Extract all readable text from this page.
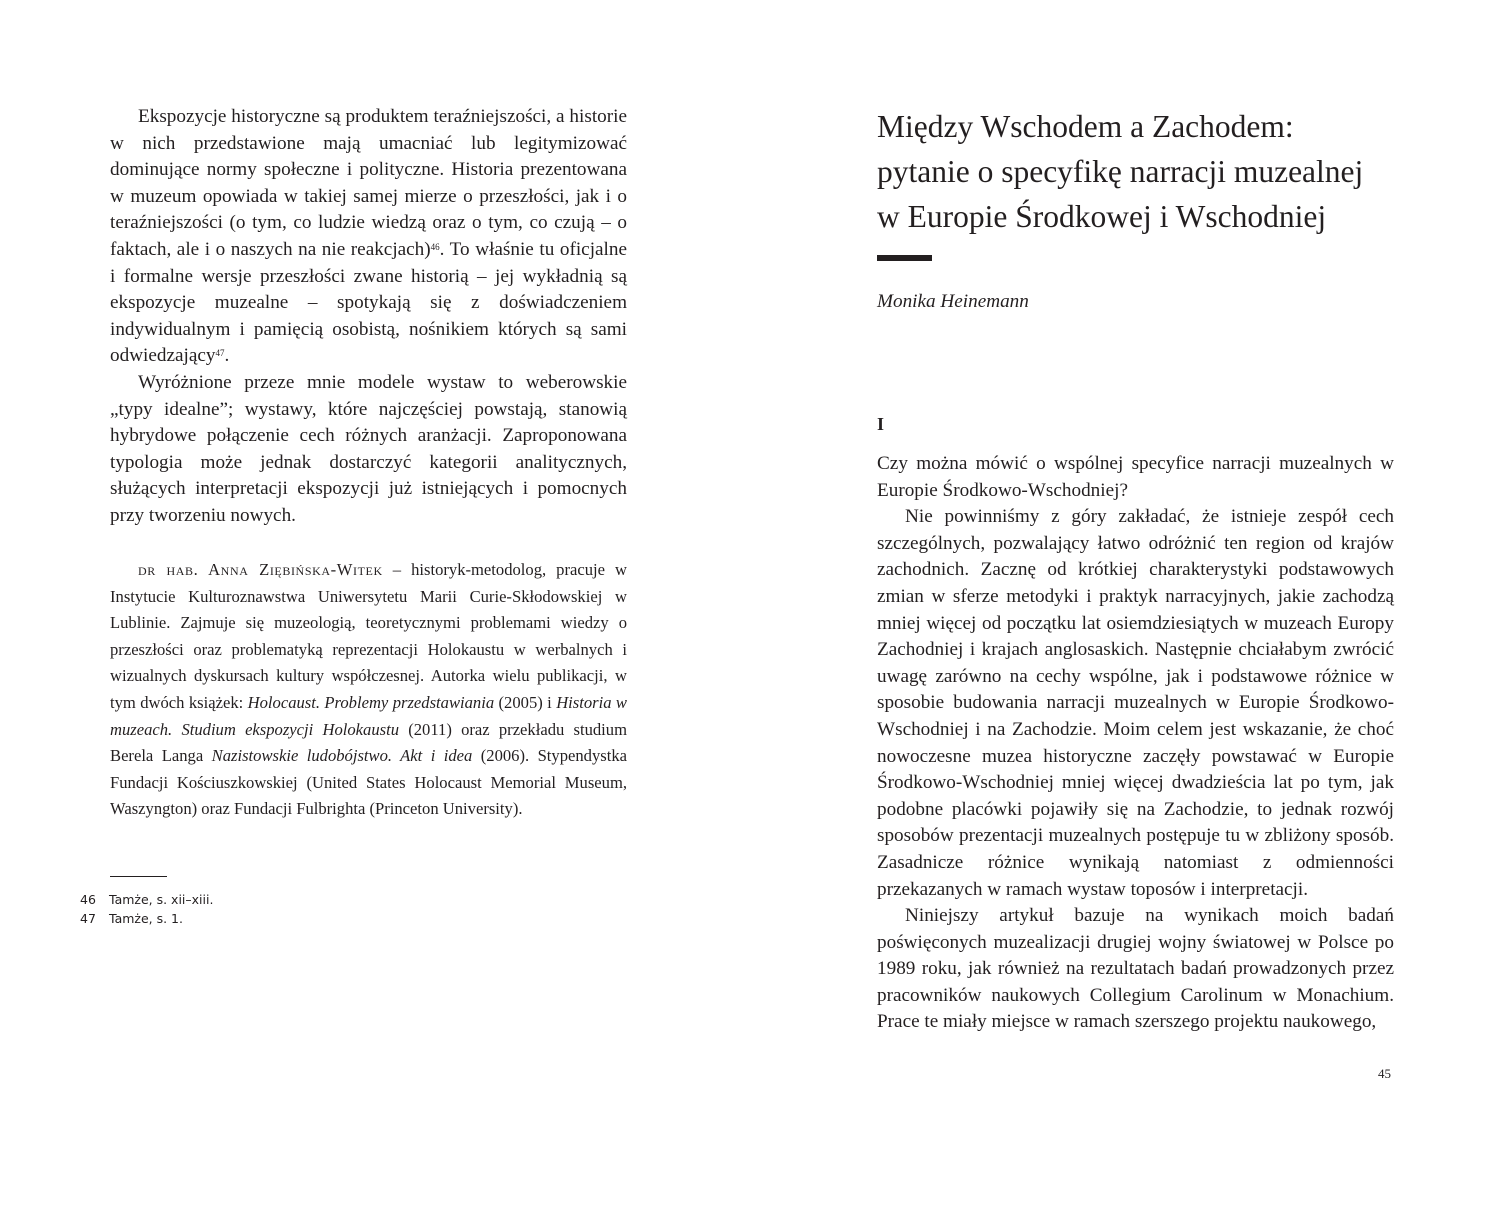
Ekspozycje historyczne są produktem teraźniejszości, a historie w nich przedstawione mają umacniać lub legitymizować dominujące normy społeczne i polityczne. Historia prezentowana w muzeum opowiada w takiej samej mierze o przeszłości, jak i o teraźniejszości (o tym, co ludzie wiedzą oraz o tym, co czują – o faktach, ale i o naszych na nie reakcjach)$^{46}$. To właśnie tu oficjalne i formalne wersje przeszłości zwane historią – jej wykładnią są ekspozycje muzealne – spotykają się z doświadczeniem indywidualnym i pamięcią osobistą, nośnikiem których są sami odwiedzający$^{47}$.

Wyróżnione przeze mnie modele wystaw to weberowskie „typy idealne”; wystawy, które najczęściej powstają, stanowią hybrydowe połączenie cech różnych aranżacji. Zaproponowana typologia może jednak dostarczyć kategorii analitycznych, służących interpretacji ekspozycji już istniejących i pomocnych przy tworzeniu nowych.

dr hab. Anna Ziębińska-Witek – historyk-metodolog, pracuje w Instytucie Kulturoznawstwa Uniwersytetu Marii Curie-Skłodowskiej w Lublinie. Zajmuje się muzeologią, teoretycznymi problemami wiedzy o przeszłości oraz problematyką reprezentacji Holokaustu w werbalnych i wizualnych dyskursach kultury współczesnej. Autorka wielu publikacji, w tym dwóch książek: Holocaust. Problemy przedstawiania (2005) i Historia w muzeach. Studium ekspozycji Holokaustu (2011) oraz przekładu studium Berela Langa Nazistowskie ludobójstwo. Akt i idea (2006). Stypendystka Fundacji Kościuszkowskiej (United States Holocaust Memorial Museum, Waszyngton) oraz Fundacji Fulbrighta (Princeton University).

46	Tamże, s. xii–xiii.
47	Tamże, s. 1.
Między Wschodem a Zachodem:
pytanie o specyfikę narracji muzealnej
w Europie Środkowej i Wschodniej

Monika Heinemann

I

Czy można mówić o wspólnej specyfice narracji muzealnych w Europie Środkowo-Wschodniej?

Nie powinniśmy z góry zakładać, że istnieje zespół cech szczególnych, pozwalający łatwo odróżnić ten region od krajów zachodnich. Zacznę od krótkiej charakterystyki podstawowych zmian w sferze metodyki i praktyk narracyjnych, jakie zachodzą mniej więcej od początku lat osiemdziesiątych w muzeach Europy Zachodniej i krajach anglosaskich. Następnie chciałabym zwrócić uwagę zarówno na cechy wspólne, jak i podstawowe różnice w sposobie budowania narracji muzealnych w Europie Środkowo-Wschodniej i na Zachodzie. Moim celem jest wskazanie, że choć nowoczesne muzea historyczne zaczęły powstawać w Europie Środkowo-Wschodniej mniej więcej dwadzieścia lat po tym, jak podobne placówki pojawiły się na Zachodzie, to jednak rozwój sposobów prezentacji muzealnych postępuje tu w zbliżony sposób. Zasadnicze różnice wynikają natomiast z odmienności przekazanych w ramach wystaw toposów i interpretacji.

Niniejszy artykuł bazuje na wynikach moich badań poświęconych muzealizacji drugiej wojny światowej w Polsce po 1989 roku, jak również na rezultatach badań prowadzonych przez pracowników naukowych Collegium Carolinum w Monachium. Prace te miały miejsce w ramach szerszego projektu naukowego,

45
